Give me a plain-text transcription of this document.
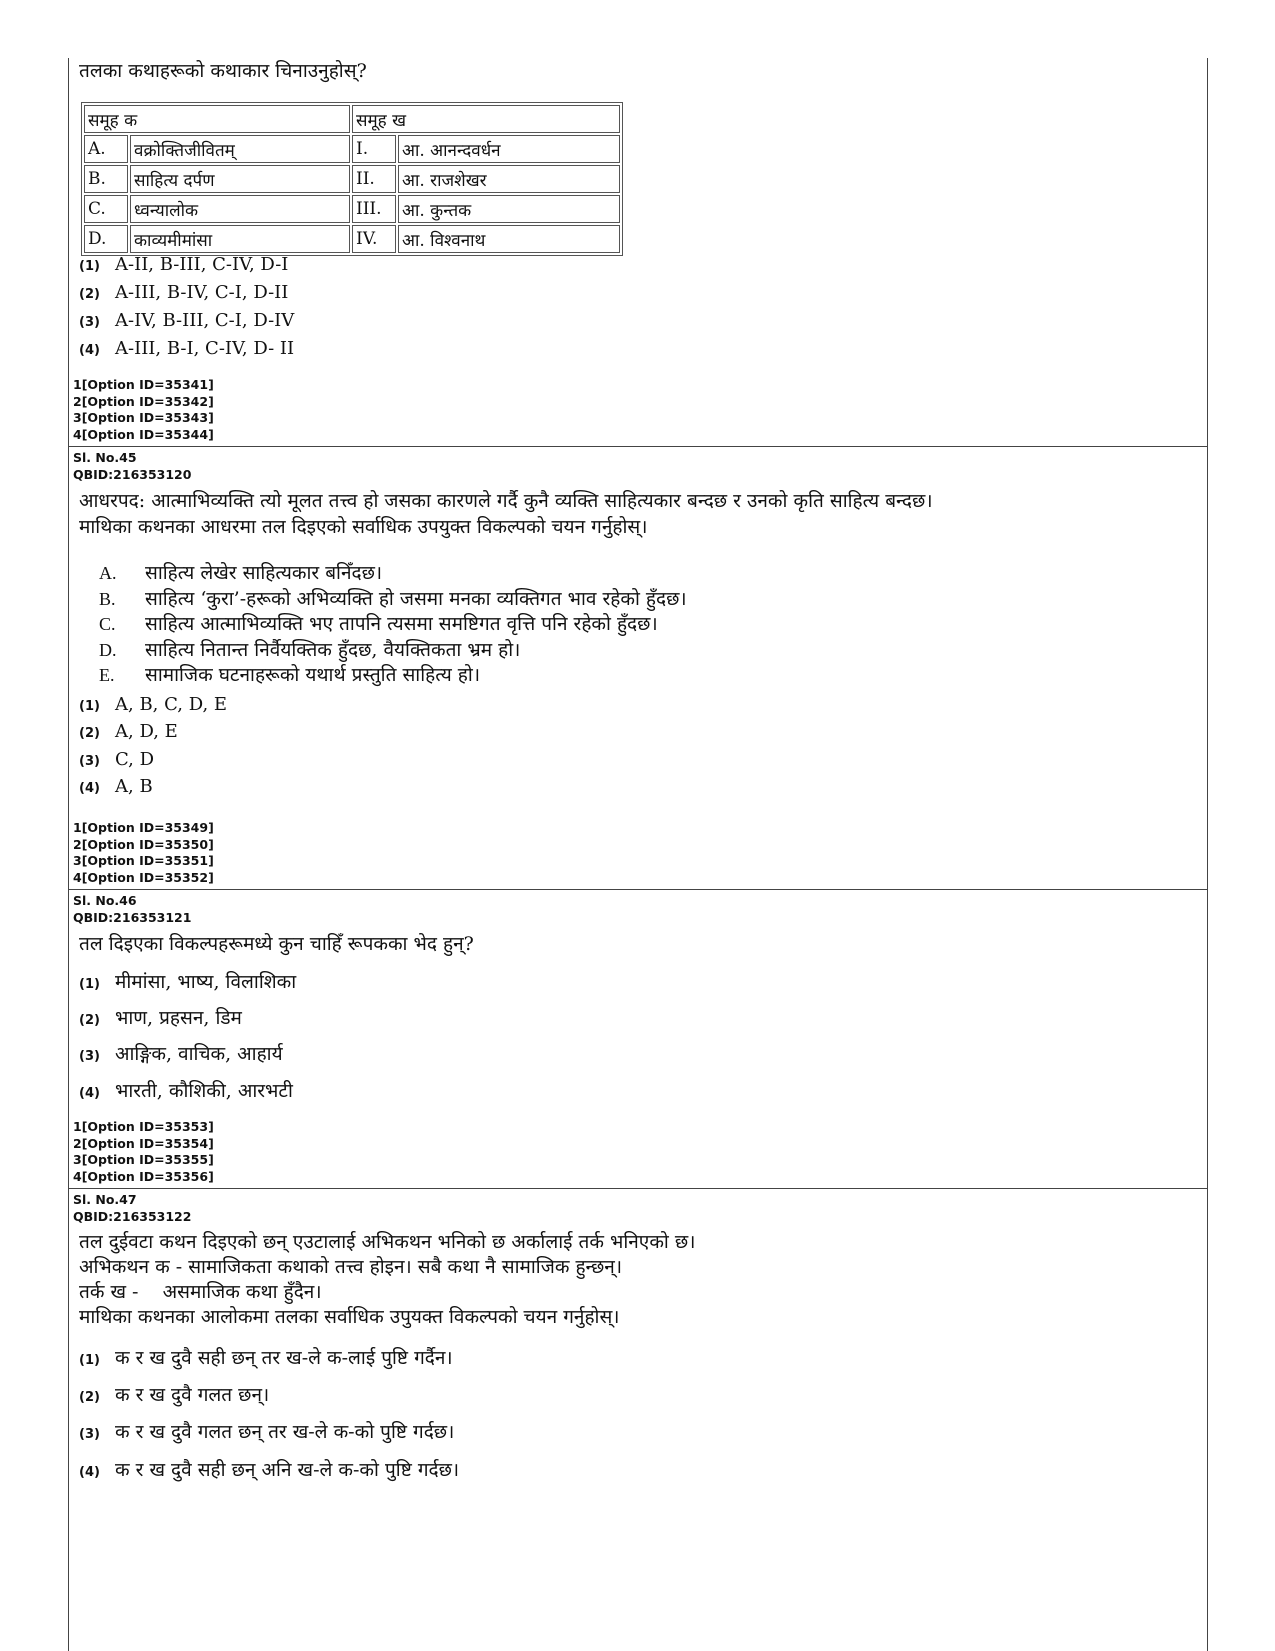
तलका कथाहरूको कथाकार चिनाउनुहोस्?
समूह क		समूह ख	
A.	वक्रोक्तिजीवितम्	I.	आ. आनन्दवर्धन
B.	साहित्य दर्पण	II.	आ. राजशेखर
C.	ध्वन्यालोक	III.	आ. कुन्तक
D.	काव्यमीमांसा	IV.	आ. विश्वनाथ
(1) A-II, B-III, C-IV, D-I
(2) A-III, B-IV, C-I, D-II
(3) A-IV, B-III, C-I, D-IV
(4) A-III, B-I, C-IV, D- II
1[Option ID=35341]
2[Option ID=35342]
3[Option ID=35343]
4[Option ID=35344]
Sl. No.45
QBID:216353120
आधरपद: आत्माभिव्यक्ति त्यो मूलत तत्त्व हो जसका कारणले गर्दै कुनै व्यक्ति साहित्यकार बन्दछ र उनको कृति साहित्य बन्दछ।
माथिका कथनका आधरमा तल दिइएको सर्वाधिक उपयुक्त विकल्पको चयन गर्नुहोस्।
A. साहित्य लेखेर साहित्यकार बनिँदछ।
B. साहित्य ‘कुरा’-हरूको अभिव्यक्ति हो जसमा मनका व्यक्तिगत भाव रहेको हुँदछ।
C. साहित्य आत्माभिव्यक्ति भए तापनि त्यसमा समष्टिगत वृत्ति पनि रहेको हुँदछ।
D. साहित्य नितान्त निर्वैयक्तिक हुँदछ, वैयक्तिकता भ्रम हो।
E. सामाजिक घटनाहरूको यथार्थ प्रस्तुति साहित्य हो।
(1) A, B, C, D, E
(2) A, D, E
(3) C, D
(4) A, B
1[Option ID=35349]
2[Option ID=35350]
3[Option ID=35351]
4[Option ID=35352]
Sl. No.46
QBID:216353121
तल दिइएका विकल्पहरूमध्ये कुन चाहिँ रूपकका भेद हुन्?
(1) मीमांसा, भाष्य, विलाशिका
(2) भाण, प्रहसन, डिम
(3) आङ्गिक, वाचिक, आहार्य
(4) भारती, कौशिकी, आरभटी
1[Option ID=35353]
2[Option ID=35354]
3[Option ID=35355]
4[Option ID=35356]
Sl. No.47
QBID:216353122
तल दुईवटा कथन दिइएको छन् एउटालाई अभिकथन भनिको छ अर्कालाई तर्क भनिएको छ।
अभिकथन क - सामाजिकता कथाको तत्त्व होइन। सबै कथा नै सामाजिक हुन्छन्।
तर्क ख -    असमाजिक कथा हुँदैन।
माथिका कथनका आलोकमा तलका सर्वाधिक उपुयक्त विकल्पको चयन गर्नुहोस्।
(1) क र ख दुवै सही छन् तर ख-ले क-लाई पुष्टि गर्दैन।
(2) क र ख दुवै गलत छन्।
(3) क र ख दुवै गलत छन् तर ख-ले क-को पुष्टि गर्दछ।
(4) क र ख दुवै सही छन् अनि ख-ले क-को पुष्टि गर्दछ।
